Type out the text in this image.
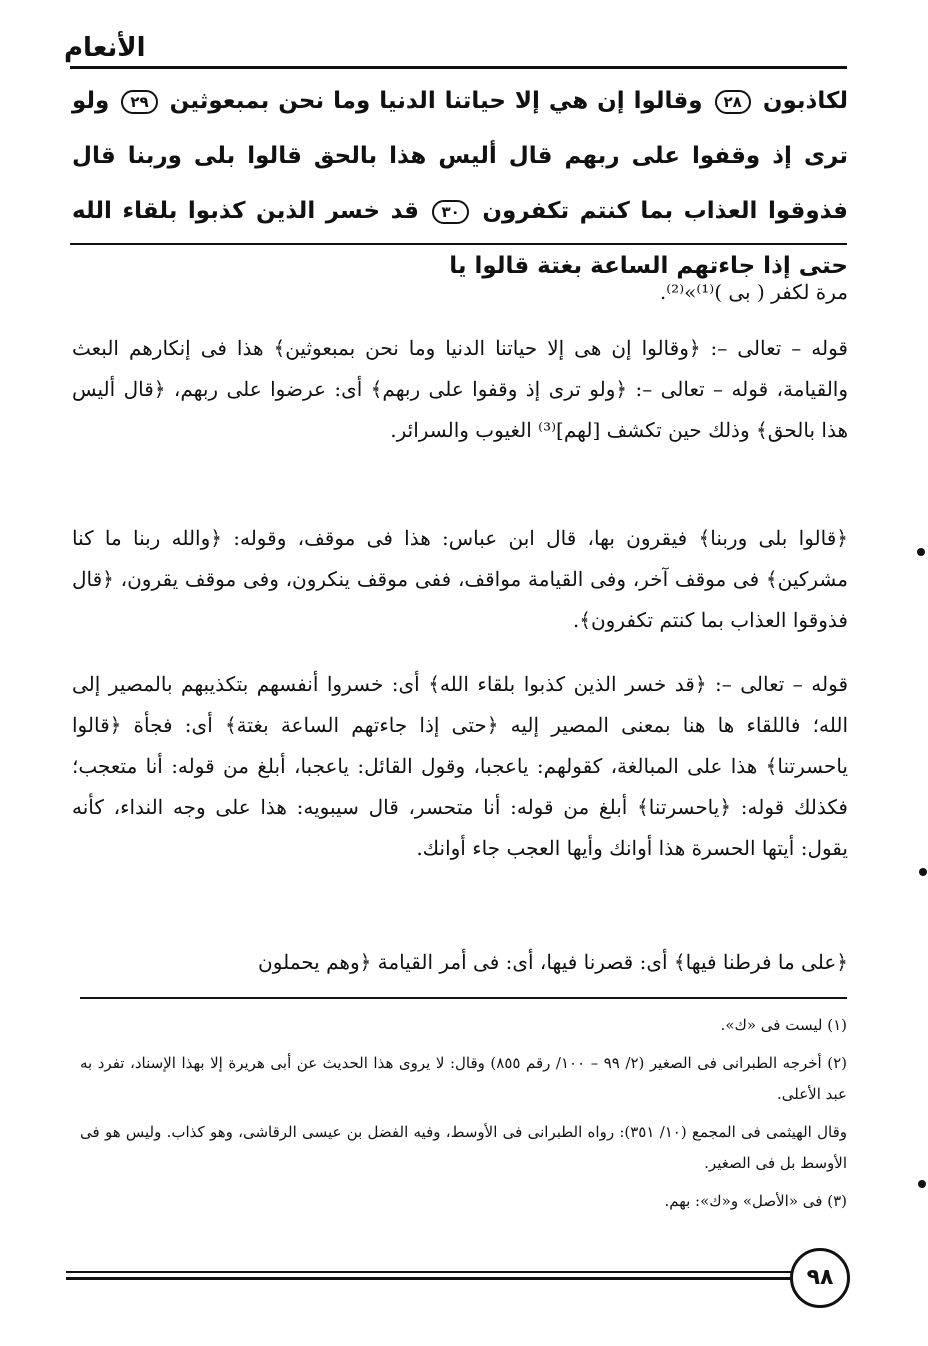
الأنعام
لكاذبون ٢٨ وقالوا إن هي إلا حياتنا الدنيا وما نحن بمبعوثين ٢٩ ولو ترى إذ وقفوا على ربهم قال أليس هذا بالحق قالوا بلى وربنا قال فذوقوا العذاب بما كنتم تكفرون ٣٠ قد خسر الذين كذبوا بلقاء الله حتى إذا جاءتهم الساعة بغتة قالوا يا
مرة لكفر ( بى )⁽¹⁾»⁽²⁾.
قوله – تعالى –: ﴿وقالوا إن هى إلا حياتنا الدنيا وما نحن بمبعوثين﴾ هذا فى إنكارهم البعث والقيامة، قوله – تعالى –: ﴿ولو ترى إذ وقفوا على ربهم﴾ أى: عرضوا على ربهم، ﴿قال أليس هذا بالحق﴾ وذلك حين تكشف [لهم]⁽³⁾ الغيوب والسرائر.
﴿قالوا بلى وربنا﴾ فيقرون بها، قال ابن عباس: هذا فى موقف، وقوله: ﴿والله ربنا ما كنا مشركين﴾ فى موقف آخر، وفى القيامة مواقف، ففى موقف ينكرون، وفى موقف يقرون، ﴿قال فذوقوا العذاب بما كنتم تكفرون﴾.
قوله – تعالى –: ﴿قد خسر الذين كذبوا بلقاء الله﴾ أى: خسروا أنفسهم بتكذيبهم بالمصير إلى الله؛ فاللقاء ها هنا بمعنى المصير إليه ﴿حتى إذا جاءتهم الساعة بغتة﴾ أى: فجأة ﴿قالوا ياحسرتنا﴾ هذا على المبالغة، كقولهم: ياعجبا، وقول القائل: ياعجبا، أبلغ من قوله: أنا متعجب؛ فكذلك قوله: ﴿ياحسرتنا﴾ أبلغ من قوله: أنا متحسر، قال سيبويه: هذا على وجه النداء، كأنه يقول: أيتها الحسرة هذا أوانك وأيها العجب جاء أوانك.
﴿على ما فرطنا فيها﴾ أى: قصرنا فيها، أى: فى أمر القيامة ﴿وهم يحملون
(١) ليست فى «ك».
(٢) أخرجه الطبرانى فى الصغير (٢/ ٩٩ – ١٠٠/ رقم ٨٥٥) وقال: لا يروى هذا الحديث عن أبى هريرة إلا بهذا الإسناد، تفرد به عبد الأعلى.
وقال الهيثمى فى المجمع (١٠/ ٣٥١): رواه الطبرانى فى الأوسط، وفيه الفضل بن عيسى الرقاشى، وهو كذاب. وليس هو فى الأوسط بل فى الصغير.
(٣) فى «الأصل» و«ك»: بهم.
٩٨
